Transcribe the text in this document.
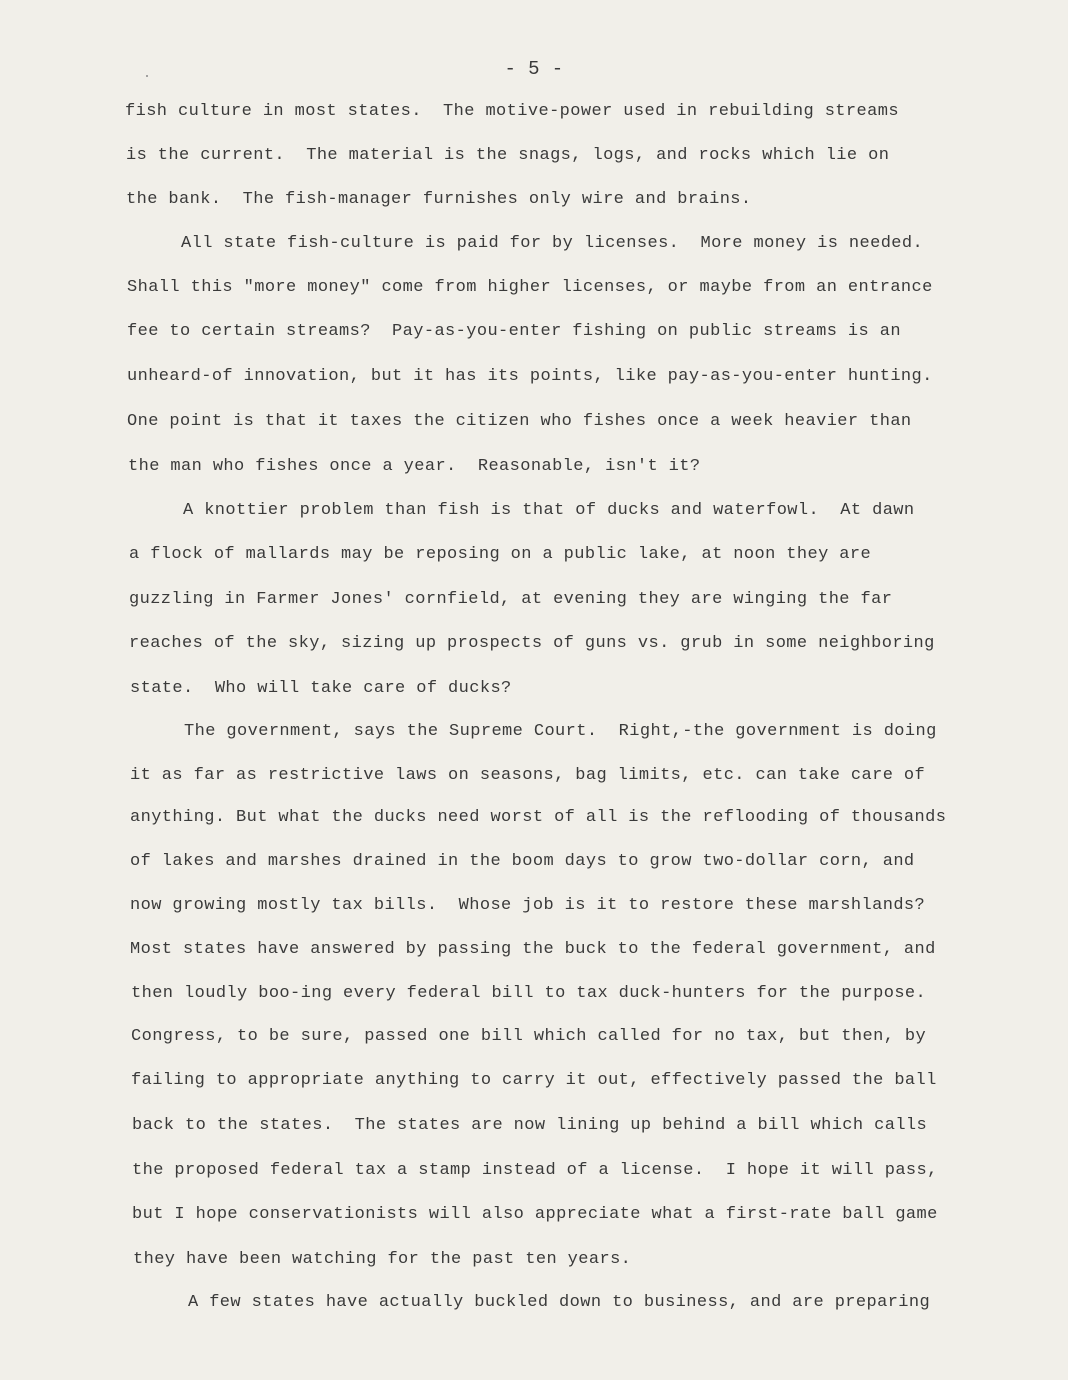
- 5 -
fish culture in most states.  The motive-power used in rebuilding streams
is the current.  The material is the snags, logs, and rocks which lie on
the bank.  The fish-manager furnishes only wire and brains.
All state fish-culture is paid for by licenses.  More money is needed.
Shall this "more money" come from higher licenses, or maybe from an entrance
fee to certain streams?  Pay-as-you-enter fishing on public streams is an
unheard-of innovation, but it has its points, like pay-as-you-enter hunting.
One point is that it taxes the citizen who fishes once a week heavier than
the man who fishes once a year.  Reasonable, isn't it?
A knottier problem than fish is that of ducks and waterfowl.  At dawn
a flock of mallards may be reposing on a public lake, at noon they are
guzzling in Farmer Jones' cornfield, at evening they are winging the far
reaches of the sky, sizing up prospects of guns vs. grub in some neighboring
state.  Who will take care of ducks?
The government, says the Supreme Court.  Right,-the government is doing
it as far as restrictive laws on seasons, bag limits, etc. can take care of
anything. But what the ducks need worst of all is the reflooding of thousands
of lakes and marshes drained in the boom days to grow two-dollar corn, and
now growing mostly tax bills.  Whose job is it to restore these marshlands?
Most states have answered by passing the buck to the federal government, and
then loudly boo-ing every federal bill to tax duck-hunters for the purpose.
Congress, to be sure, passed one bill which called for no tax, but then, by
failing to appropriate anything to carry it out, effectively passed the ball
back to the states.  The states are now lining up behind a bill which calls
the proposed federal tax a stamp instead of a license.  I hope it will pass,
but I hope conservationists will also appreciate what a first-rate ball game
they have been watching for the past ten years.
A few states have actually buckled down to business, and are preparing
